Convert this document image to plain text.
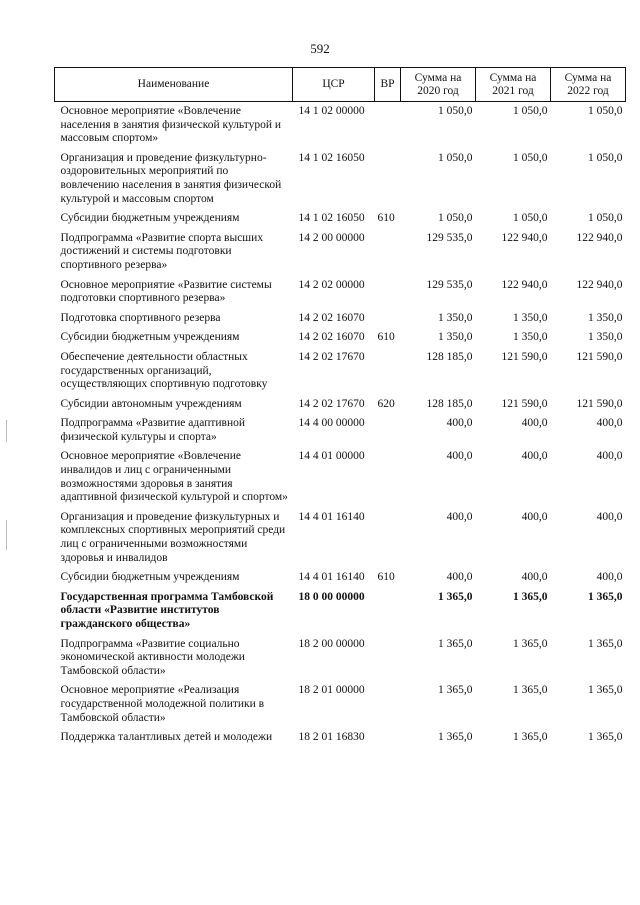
592
Наименование	ЦСР	ВР	Сумма на 2020 год	Сумма на 2021 год	Сумма на 2022 год
Основное мероприятие «Вовлечение населения в занятия физической культурой и массовым спортом»	14 1 02 00000		1 050,0	1 050,0	1 050,0
Организация и проведение физкультурно-оздоровительных мероприятий по вовлечению населения в занятия физической культурой и массовым спортом	14 1 02 16050		1 050,0	1 050,0	1 050,0
Субсидии бюджетным учреждениям	14 1 02 16050	610	1 050,0	1 050,0	1 050,0
Подпрограмма «Развитие спорта высших достижений и системы подготовки спортивного резерва»	14 2 00 00000		129 535,0	122 940,0	122 940,0
Основное мероприятие «Развитие системы подготовки спортивного резерва»	14 2 02 00000		129 535,0	122 940,0	122 940,0
Подготовка спортивного резерва	14 2 02 16070		1 350,0	1 350,0	1 350,0
Субсидии бюджетным учреждениям	14 2 02 16070	610	1 350,0	1 350,0	1 350,0
Обеспечение деятельности областных государственных организаций, осуществляющих спортивную подготовку	14 2 02 17670		128 185,0	121 590,0	121 590,0
Субсидии автономным учреждениям	14 2 02 17670	620	128 185,0	121 590,0	121 590,0
Подпрограмма «Развитие адаптивной физической культуры и спорта»	14 4 00 00000		400,0	400,0	400,0
Основное мероприятие «Вовлечение инвалидов и лиц с ограниченными возможностями здоровья в занятия адаптивной физической культурой и спортом»	14 4 01 00000		400,0	400,0	400,0
Организация и проведение физкультурных и комплексных спортивных мероприятий среди лиц с ограниченными возможностями здоровья и инвалидов	14 4 01 16140		400,0	400,0	400,0
Субсидии бюджетным учреждениям	14 4 01 16140	610	400,0	400,0	400,0
Государственная программа Тамбовской области «Развитие институтов гражданского общества»	18 0 00 00000		1 365,0	1 365,0	1 365,0
Подпрограмма «Развитие социально экономической активности молодежи Тамбовской области»	18 2 00 00000		1 365,0	1 365,0	1 365,0
Основное мероприятие «Реализация государственной молодежной политики в Тамбовской области»	18 2 01 00000		1 365,0	1 365,0	1 365,0
Поддержка талантливых детей и молодежи	18 2 01 16830		1 365,0	1 365,0	1 365,0
